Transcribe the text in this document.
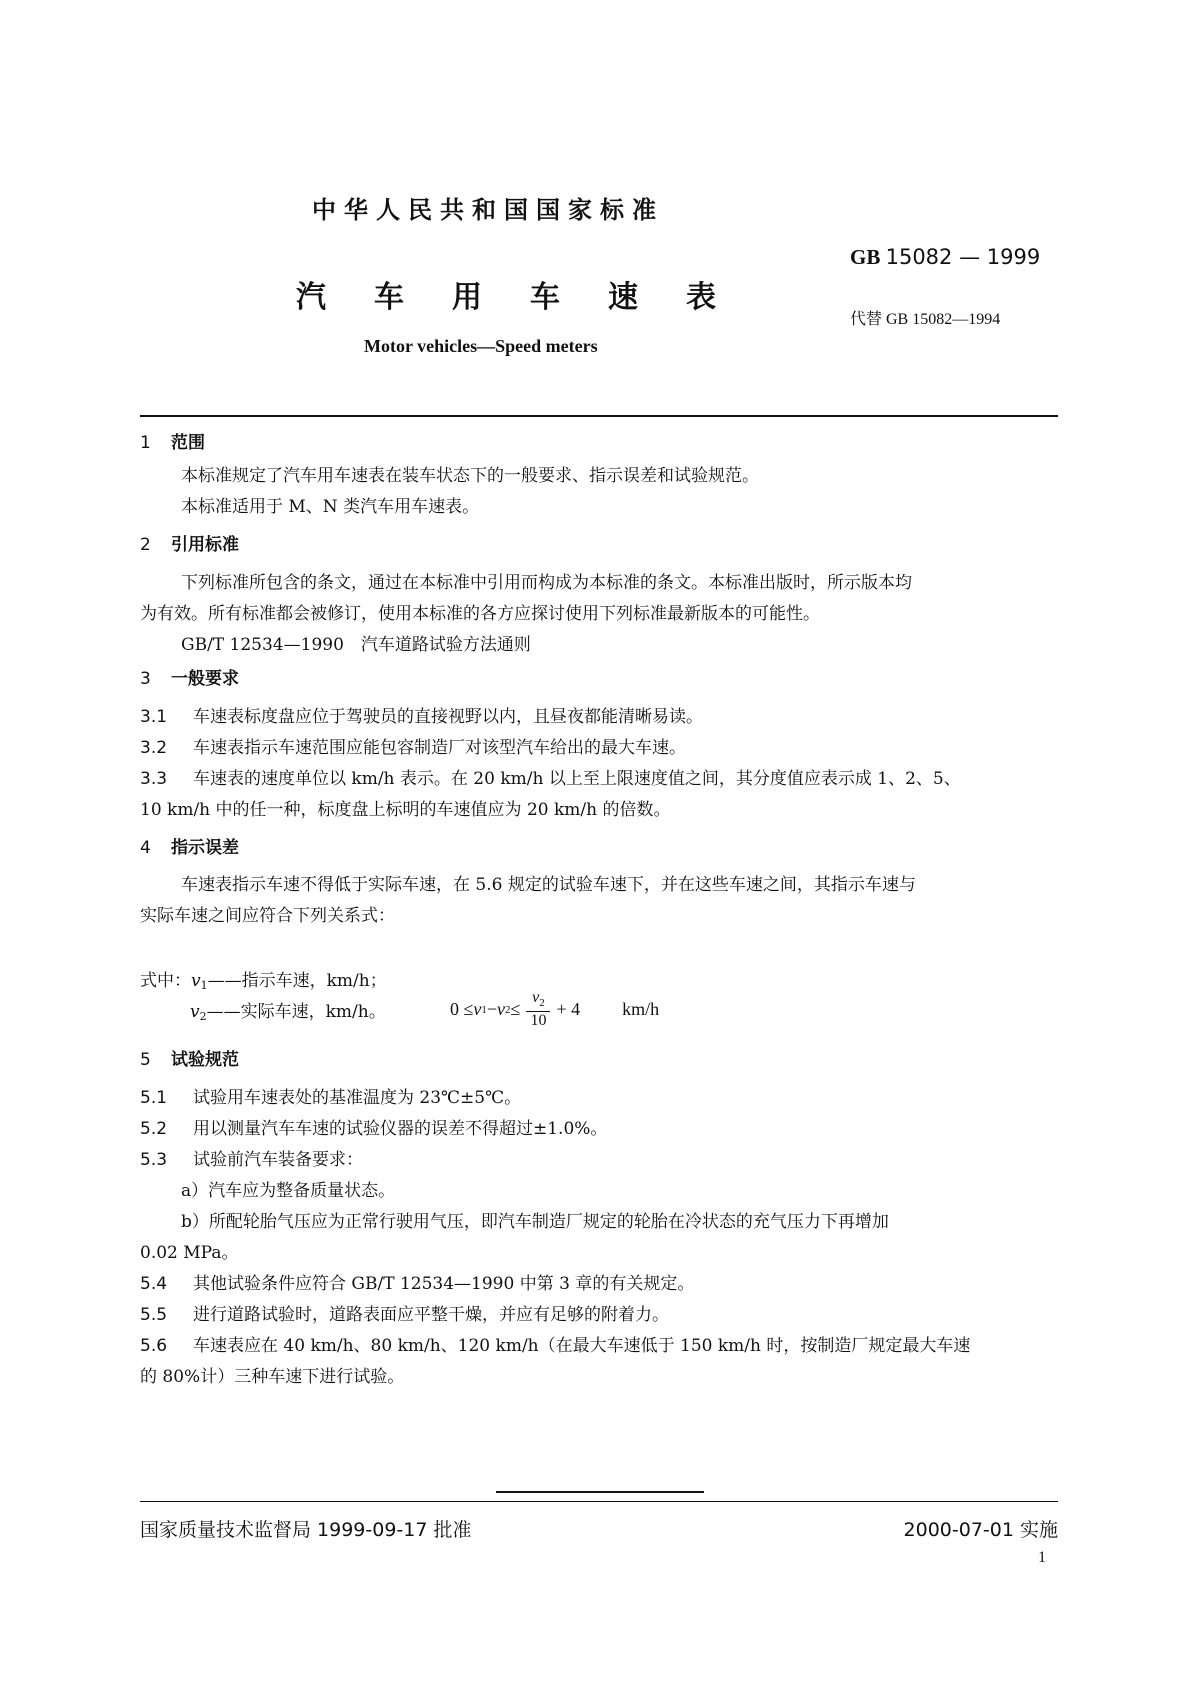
中华人民共和国国家标准
GB 15082 — 1999
汽车用车速表
代替 GB 15082—1994
Motor vehicles—Speed meters
1 范围
本标准规定了汽车用车速表在装车状态下的一般要求、指示误差和试验规范。
本标准适用于 M、N 类汽车用车速表。
2 引用标准
下列标准所包含的条文，通过在本标准中引用而构成为本标准的条文。本标准出版时，所示版本均
为有效。所有标准都会被修订，使用本标准的各方应探讨使用下列标准最新版本的可能性。
GB/T 12534—1990　汽车道路试验方法通则
3 一般要求
3.1 车速表标度盘应位于驾驶员的直接视野以内，且昼夜都能清晰易读。
3.2 车速表指示车速范围应能包容制造厂对该型汽车给出的最大车速。
3.3 车速表的速度单位以 km/h 表示。在 20 km/h 以上至上限速度值之间，其分度值应表示成 1、2、5、
10 km/h 中的任一种，标度盘上标明的车速值应为 20 km/h 的倍数。
4 指示误差
车速表指示车速不得低于实际车速，在 5.6 规定的试验车速下，并在这些车速之间，其指示车速与
实际车速之间应符合下列关系式：
0 ≤ v 1 − v $2 \le \frac{v_2}{10} + 4$ km/h
式中：v1——指示车速，km/h；
v2——实际车速，km/h。
5 试验规范
5.1 试验用车速表处的基准温度为 23℃±5℃。
5.2 用以测量汽车车速的试验仪器的误差不得超过±1.0%。
5.3 试验前汽车装备要求：
a）汽车应为整备质量状态。
b）所配轮胎气压应为正常行驶用气压，即汽车制造厂规定的轮胎在冷状态的充气压力下再增加
0.02 MPa。
5.4 其他试验条件应符合 GB/T 12534—1990 中第 3 章的有关规定。
5.5 进行道路试验时，道路表面应平整干燥，并应有足够的附着力。
5.6 车速表应在 40 km/h、80 km/h、120 km/h（在最大车速低于 150 km/h 时，按制造厂规定最大车速
的 80%计）三种车速下进行试验。
国家质量技术监督局 1999-09-17 批准	2000-07-01 实施
1
